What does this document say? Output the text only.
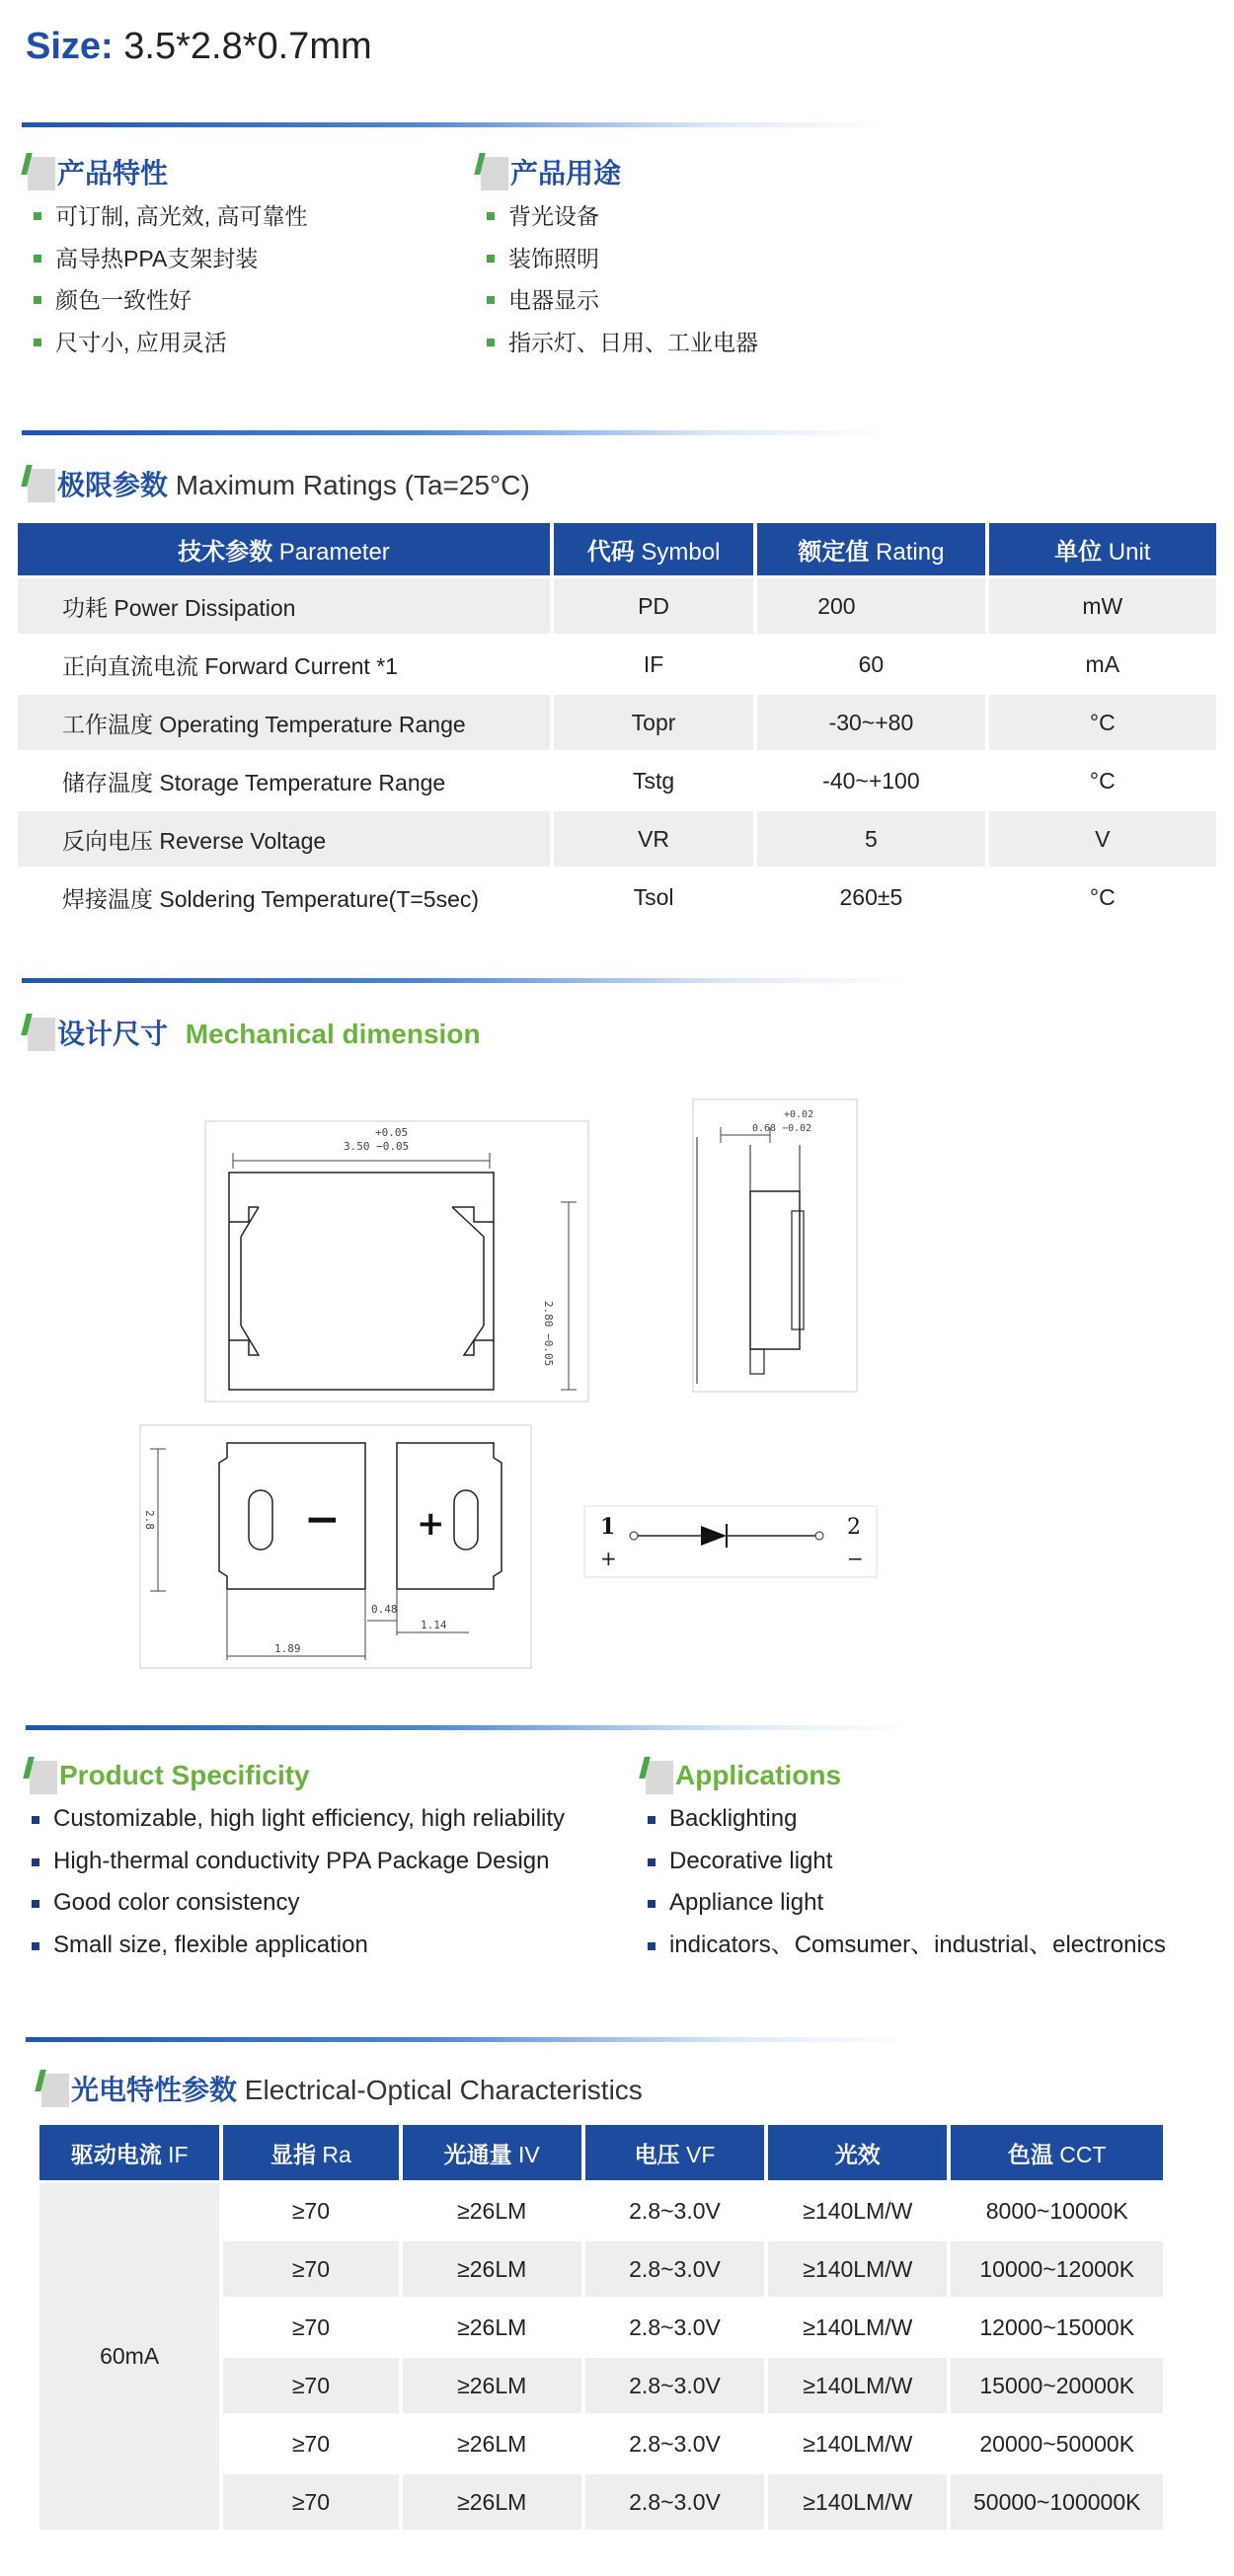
Size: 3.5*2.8*0.7mm
产品特性
可订制, 高光效, 高可靠性
高导热PPA支架封装
颜色一致性好
尺寸小, 应用灵活
产品用途
背光设备
装饰照明
电器显示
指示灯、日用、工业电器
极限参数 Maximum Ratings (Ta=25°C)
技术参数 Parameter	代码 Symbol	额定值 Rating	单位 Unit
功耗 Power Dissipation	PD	200	mW
正向直流电流 Forward Current *1	IF	60	mA
工作温度 Operating Temperature Range	Topr	-30~+80	°C
储存温度 Storage Temperature Range	Tstg	-40~+100	°C
反向电压 Reverse Voltage	VR	5	V
焊接温度 Soldering Temperature(T=5sec)	Tsol	260±5	°C
设计尺寸 Mechanical dimension
+0.05
3.50 −0.05
2.80 −0.05
+0.02
0.68 −0.02
2.8	− +
1.89
0.48
1.14
1	2
+	−
Product Specificity
Customizable, high light efficiency, high reliability
High-thermal conductivity PPA Package Design
Good color consistency
Small size, flexible application
Applications
Backlighting
Decorative light
Appliance light
indicators、Comsumer、industrial、electronics
光电特性参数 Electrical-Optical Characteristics
驱动电流 IF	显指 Ra	光通量 IV	电压 VF	光效	色温 CCT
60mA	≥70	≥26LM	2.8~3.0V	≥140LM/W	8000~10000K
	≥70	≥26LM	2.8~3.0V	≥140LM/W	10000~12000K
	≥70	≥26LM	2.8~3.0V	≥140LM/W	12000~15000K
	≥70	≥26LM	2.8~3.0V	≥140LM/W	15000~20000K
	≥70	≥26LM	2.8~3.0V	≥140LM/W	20000~50000K
	≥70	≥26LM	2.8~3.0V	≥140LM/W	50000~100000K
